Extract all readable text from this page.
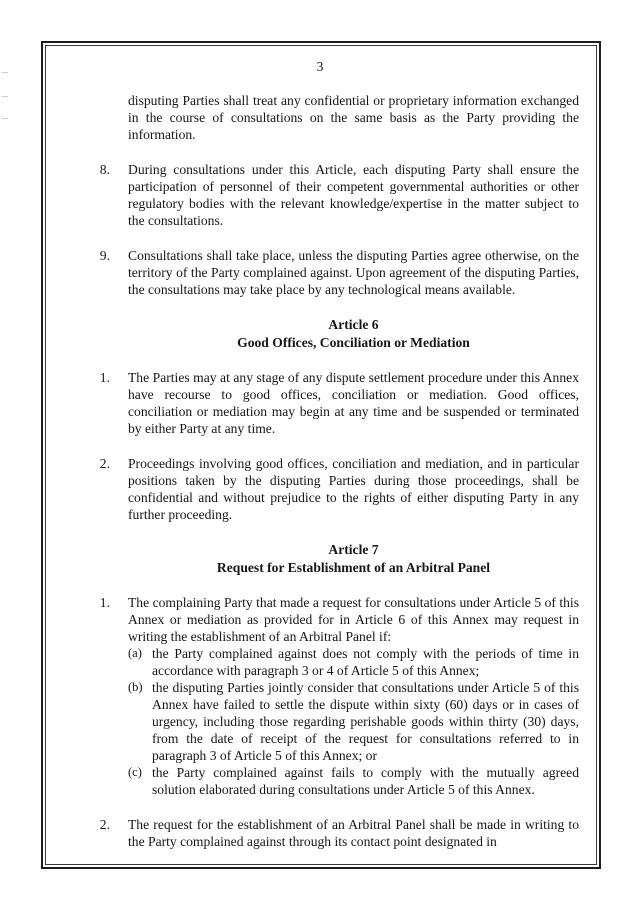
3

disputing Parties shall treat any confidential or proprietary information exchanged in the course of consultations on the same basis as the Party providing the information.

8.	During consultations under this Article, each disputing Party shall ensure the participation of personnel of their competent governmental authorities or other regulatory bodies with the relevant knowledge/expertise in the matter subject to the consultations.
9.	Consultations shall take place, unless the disputing Parties agree otherwise, on the territory of the Party complained against. Upon agreement of the disputing Parties, the consultations may take place by any technological means available.
Article 6
Good Offices, Conciliation or Mediation
1.	The Parties may at any stage of any dispute settlement procedure under this Annex have recourse to good offices, conciliation or mediation. Good offices, conciliation or mediation may begin at any time and be suspended or terminated by either Party at any time.
2.	Proceedings involving good offices, conciliation and mediation, and in particular positions taken by the disputing Parties during those proceedings, shall be confidential and without prejudice to the rights of either disputing Party in any further proceeding.
Article 7
Request for Establishment of an Arbitral Panel
1.	The complaining Party that made a request for consultations under Article 5 of this Annex or mediation as provided for in Article 6 of this Annex may request in writing the establishment of an Arbitral Panel if:
(a) the Party complained against does not comply with the periods of time in accordance with paragraph 3 or 4 of Article 5 of this Annex;
(b) the disputing Parties jointly consider that consultations under Article 5 of this Annex have failed to settle the dispute within sixty (60) days or in cases of urgency, including those regarding perishable goods within thirty (30) days, from the date of receipt of the request for consultations referred to in paragraph 3 of Article 5 of this Annex; or
(c) the Party complained against fails to comply with the mutually agreed solution elaborated during consultations under Article 5 of this Annex.
2.	The request for the establishment of an Arbitral Panel shall be made in writing to the Party complained against through its contact point designated in
